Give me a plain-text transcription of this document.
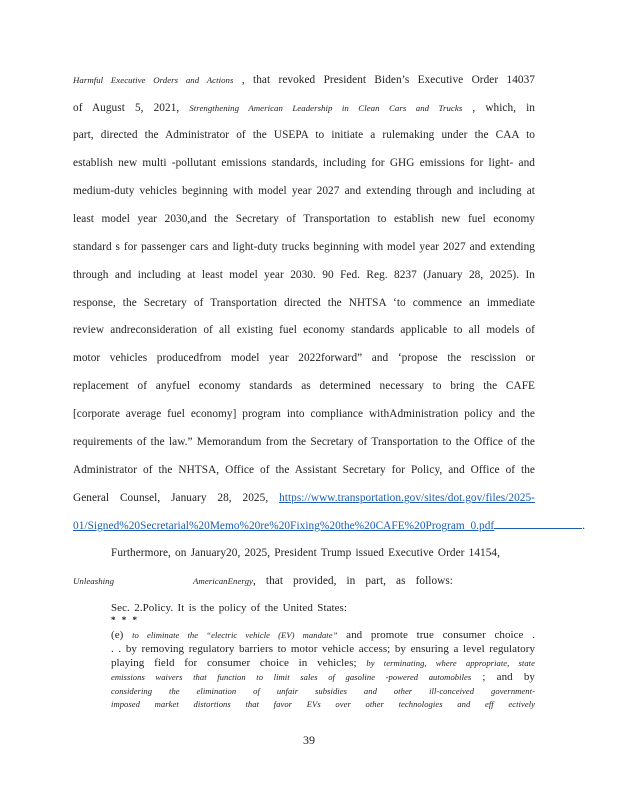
Harmful Executive Orders and Actions , that revoked President Biden’s Executive Order 14037
of August 5, 2021, Strengthening American Leadership in Clean Cars and Trucks , which, in
part, directed the Administrator of the USEPA to initiate a rulemaking under the CAA to
establish new multi -pollutant emissions standards, including for GHG emissions for light- and
medium-duty vehicles beginning with model year 2027 and extending through and including at
least model year 2030,and the Secretary of Transportation to establish new fuel economy
standard s for passenger cars and light-duty trucks beginning with model year 2027 and extending
through and including at least model year 2030. 90 Fed. Reg. 8237 (January 28, 2025). In
response, the Secretary of Transportation directed the NHTSA ‘to commence an immediate
review andreconsideration of all existing fuel economy standards applicable to all models of
motor vehicles producedfrom model year 2022forward” and ‘propose the rescission or
replacement of anyfuel economy standards as determined necessary to bring the CAFE
[corporate average fuel economy] program into compliance withAdministration policy and the
requirements of the law.” Memorandum from the Secretary of Transportation to the Office of the
Administrator of the NHTSA, Office of the Assistant Secretary for Policy, and Office of the
General Counsel, January 28, 2025, https://www.transportation.gov/sites/dot.gov/files/2025-
01/Signed%20Secretarial%20Memo%20re%20Fixing%20the%20CAFE%20Program_0.pdf	.
Furthermore, on January20, 2025, President Trump issued Executive Order 14154,
Unleashing AmericanEnergy, that provided, in part, as follows:
Sec. 2.Policy. It is the policy of the United States:
* * *
(e) to eliminate the “electric vehicle (EV) mandate” and promote true consumer choice .
. . by removing regulatory barriers to motor vehicle access; by ensuring a level regulatory
playing field for consumer choice in vehicles; by terminating, where appropriate, state
emissions waivers that function to limit sales of gasoline -powered automobiles ; and by
considering the elimination of unfair subsidies and other ill-conceived government-
imposed market distortions that favor EVs over other technologies and eff ectively
39
